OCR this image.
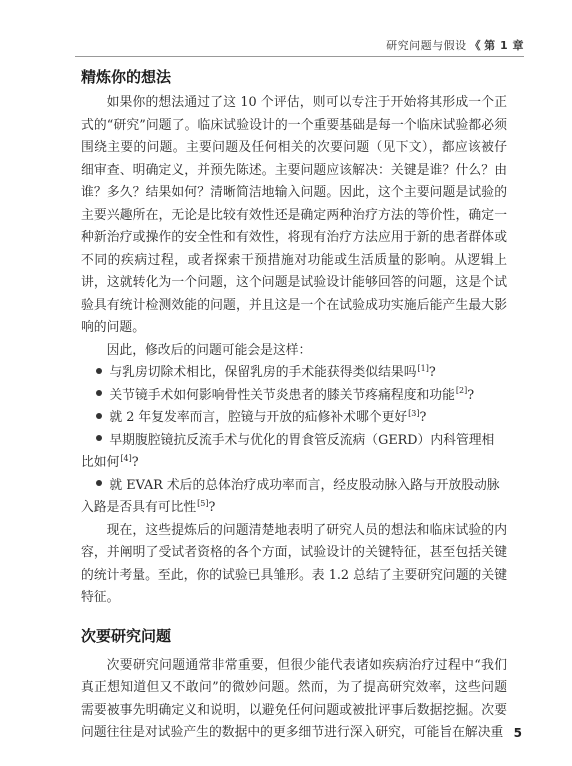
研究问题与假设 《 第 1 章
精炼你的想法

如果你的想法通过了这 10 个评估，则可以专注于开始将其形成一个正式的“研究”问题了。临床试验设计的一个重要基础是每一个临床试验都必须围绕主要的问题。主要问题及任何相关的次要问题（见下文），都应该被仔细审查、明确定义，并预先陈述。主要问题应该解决：关键是谁？什么？由谁？多久？结果如何？清晰简洁地输入问题。因此，这个主要问题是试验的主要兴趣所在，无论是比较有效性还是确定两种治疗方法的等价性，确定一种新治疗或操作的安全性和有效性，将现有治疗方法应用于新的患者群体或不同的疾病过程，或者探索干预措施对功能或生活质量的影响。从逻辑上讲，这就转化为一个问题，这个问题是试验设计能够回答的问题，这是个试验具有统计检测效能的问题，并且这是一个在试验成功实施后能产生最大影响的问题。

因此，修改后的问题可能会是这样：

与乳房切除术相比，保留乳房的手术能获得类似结果吗[1]?
关节镜手术如何影响骨性关节炎患者的膝关节疼痛程度和功能[2]?
就 2 年复发率而言，腔镜与开放的疝修补术哪个更好[3]?
早期腹腔镜抗反流手术与优化的胃食管反流病（GERD）内科管理相比如何[4]?
就 EVAR 术后的总体治疗成功率而言，经皮股动脉入路与开放股动脉入路是否具有可比性[5]?

现在，这些提炼后的问题清楚地表明了研究人员的想法和临床试验的内容，并阐明了受试者资格的各个方面，试验设计的关键特征，甚至包括关键的统计考量。至此，你的试验已具雏形。表 1.2 总结了主要研究问题的关键特征。

次要研究问题

次要研究问题通常非常重要，但很少能代表诸如疾病治疗过程中“我们真正想知道但又不敢问”的微妙问题。然而，为了提高研究效率，这些问题需要被事先明确定义和说明，以避免任何问题或被批评事后数据挖掘。次要问题往往是对试验产生的数据中的更多细节进行深入研究，可能旨在解决重 5
